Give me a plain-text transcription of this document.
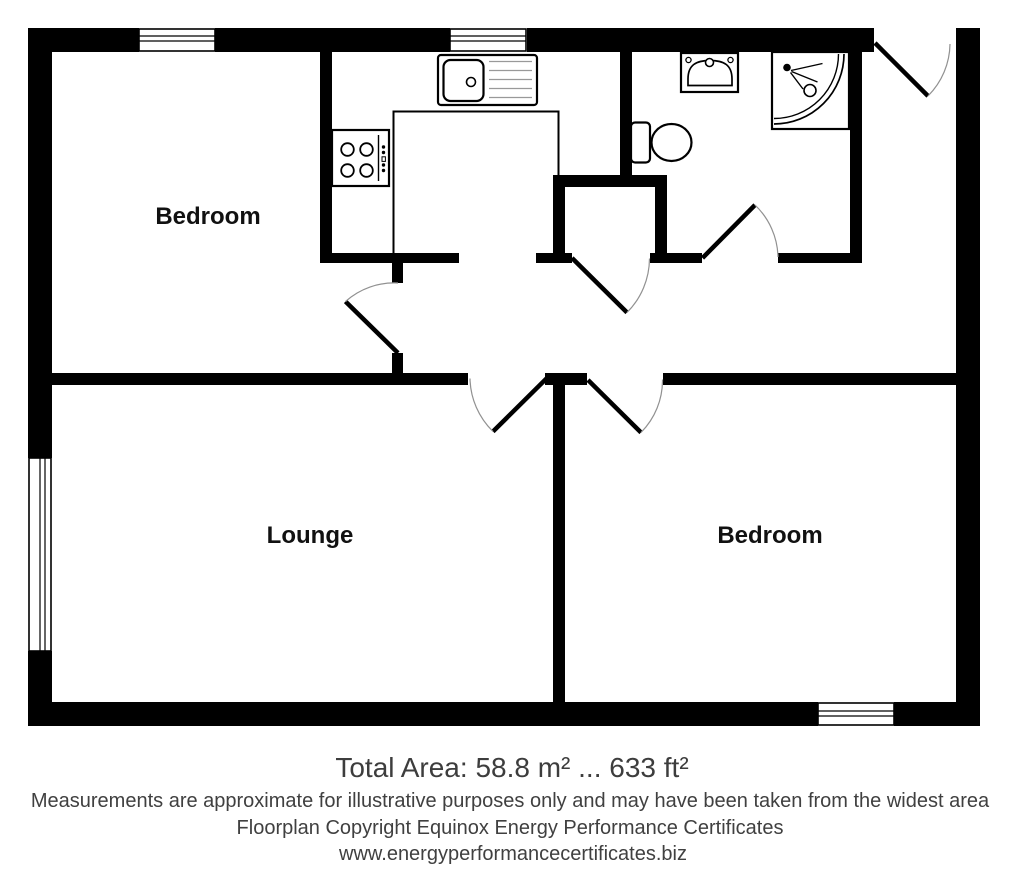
Bedroom
Lounge	Bedroom
Total Area: 58.8 m² ... 633 ft²
Measurements are approximate for illustrative purposes only and may have been taken from the widest area
Floorplan Copyright Equinox Energy Performance Certificates
www.energyperformancecertificates.biz
